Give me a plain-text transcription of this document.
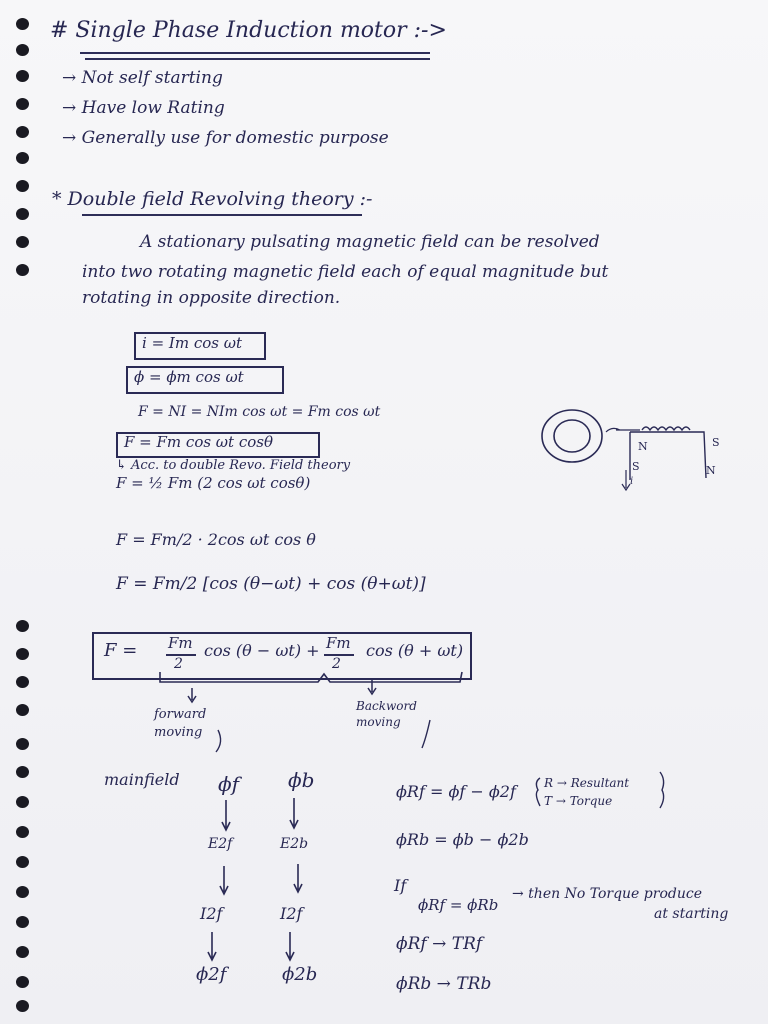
# Single Phase Induction motor :->
→ Not self starting
→ Have low Rating
→ Generally use for domestic purpose
* Double field Revolving theory :-
A stationary pulsating magnetic field can be resolved
into two rotating magnetic field each of equal magnitude but
rotating in opposite direction.
i = Im cos ωt
ϕ = ϕm cos ωt
F = NI = NIm cos ωt = Fm cos ωt
F = Fm cos ωt cosθ
↳ Acc. to double Revo. Field theory
F = ½ Fm (2 cos ωt cosθ)
F = Fm/2 · 2cos ωt cos θ
F = Fm/2 [cos (θ−ωt) + cos (θ+ωt)]
F = Fm
2
cos (θ − ωt) + Fm
2
cos (θ + ωt)
N	S
N
S
i
forward moving
Backword moving
mainfield ϕf
E2f
I2f
ϕ2f
ϕb
E2b
I2f
ϕ2b
ϕRf = ϕf − ϕ2f R → Resultant
T → Torque
ϕRb = ϕb − ϕ2b
If
ϕRf = ϕRb
→ then No Torque produce
at starting
ϕRf → TRf
ϕRb → TRb
